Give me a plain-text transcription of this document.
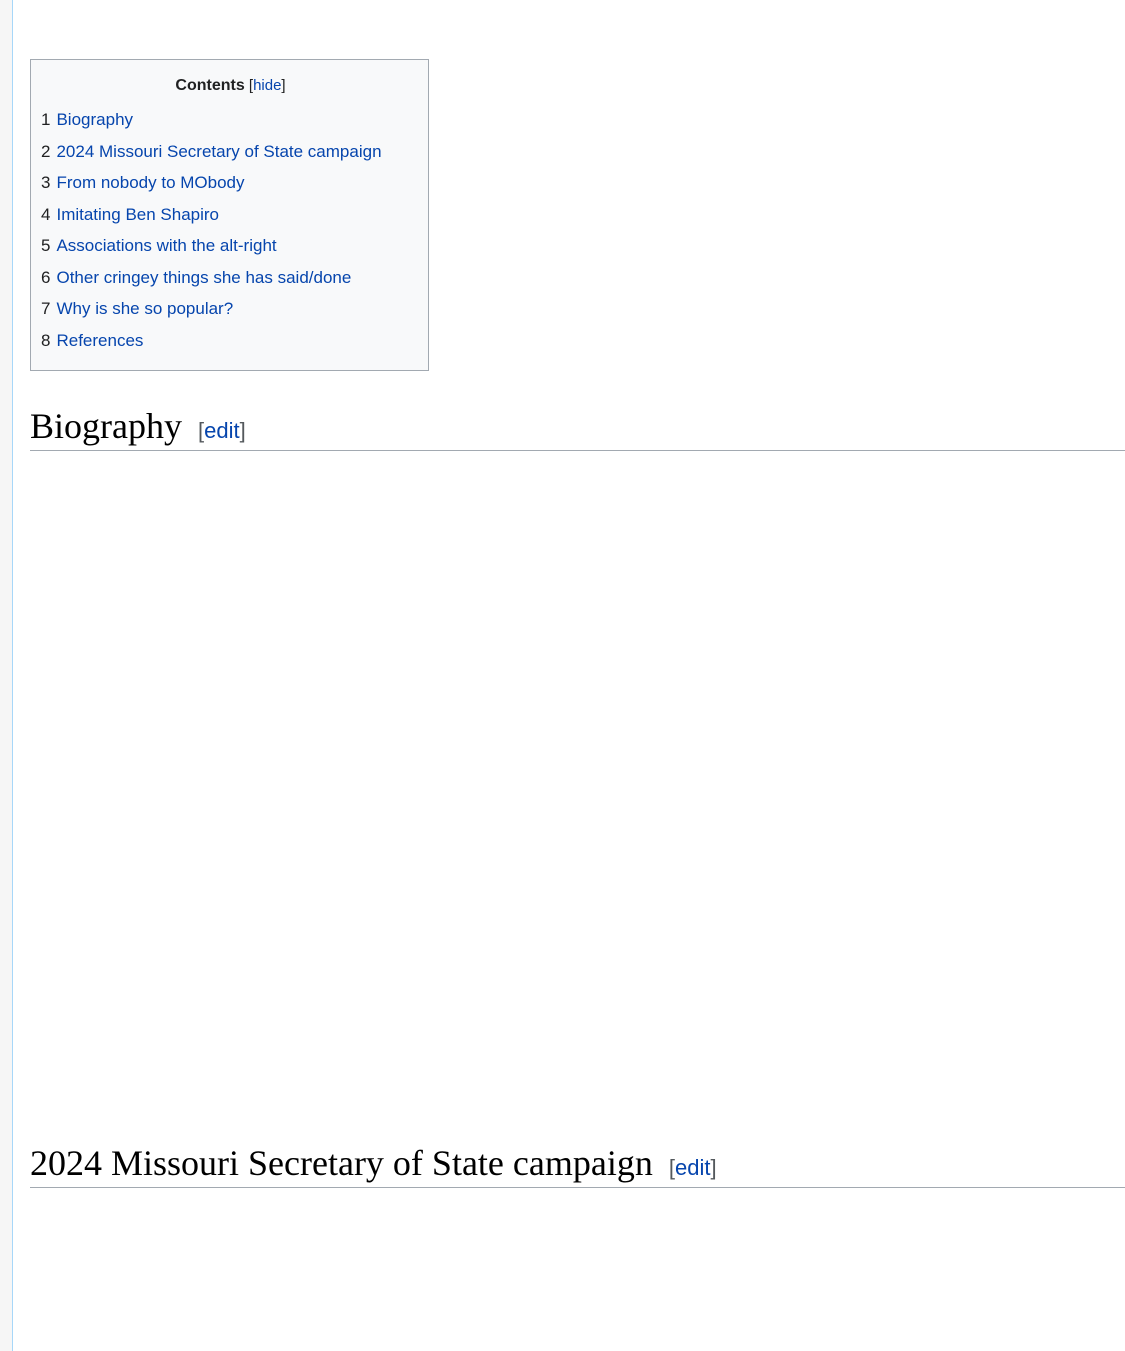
Contents [hide]
1 Biography
2 2024 Missouri Secretary of State campaign
3 From nobody to MObody
4 Imitating Ben Shapiro
5 Associations with the alt-right
6 Other cringey things she has said/done
7 Why is she so popular?
8 References
Biography [edit]
2024 Missouri Secretary of State campaign [edit]
